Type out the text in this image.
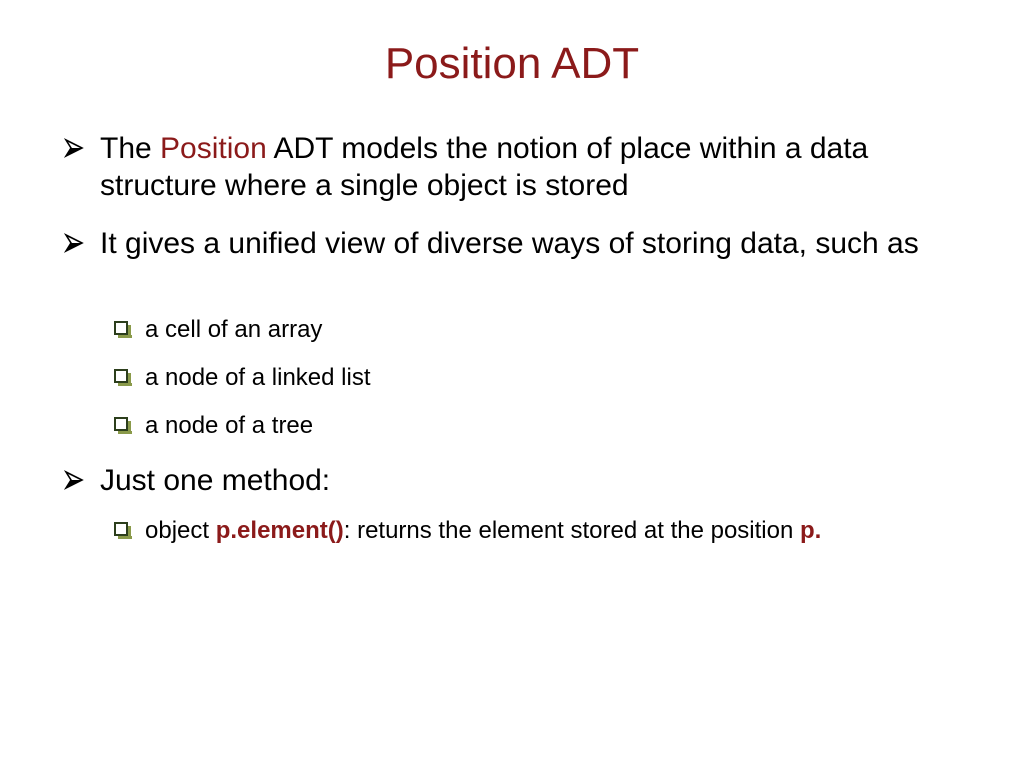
Position ADT
The Position ADT models the notion of place within a data structure where a single object is stored
It gives a unified view of diverse ways of storing data, such as
a cell of an array
a node of a linked list
a node of a tree
Just one method:
object p.element(): returns the element stored at the position p.
